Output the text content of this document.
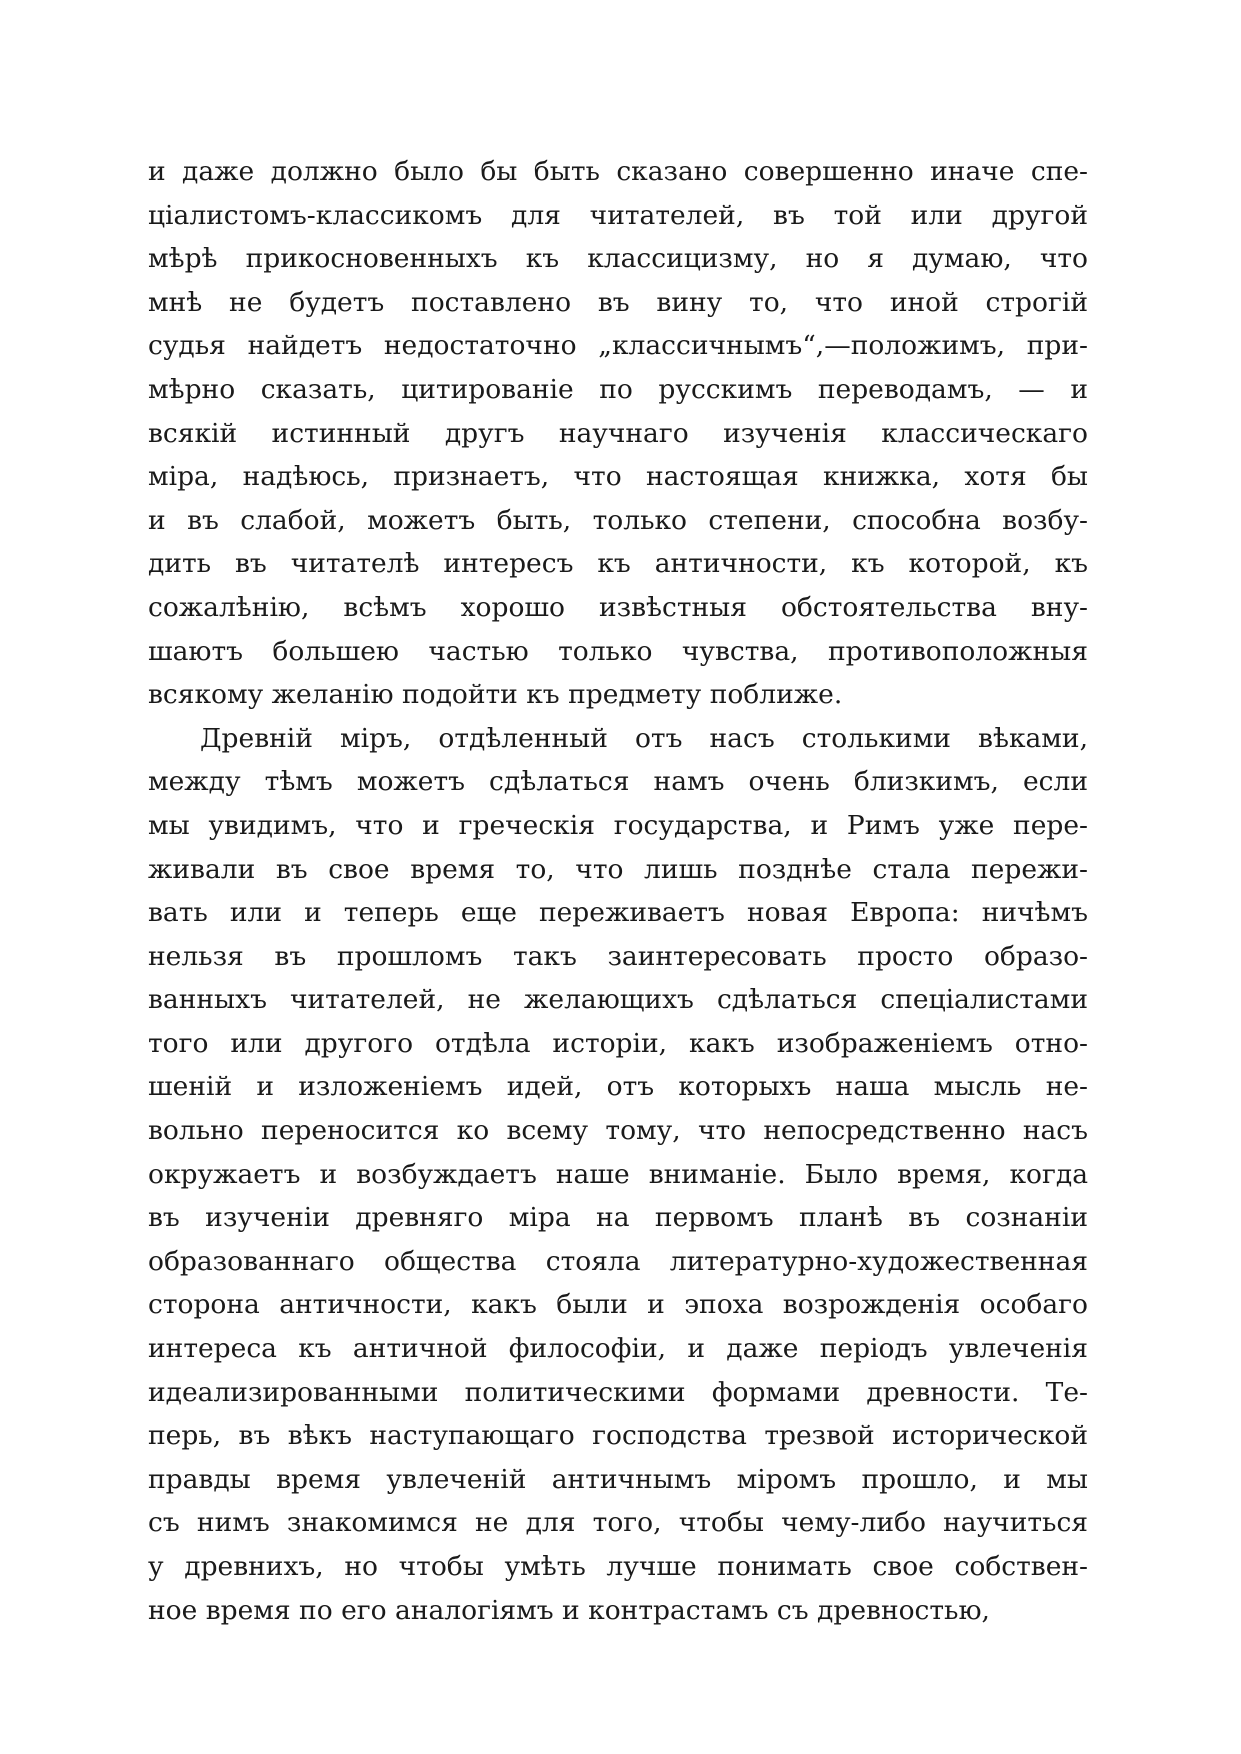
и даже должно было бы быть сказано совершенно иначе спе-
ціалистомъ-классикомъ для читателей, въ той или другой
мѣрѣ прикосновенныхъ къ классицизму, но я думаю, что
мнѣ не будетъ поставлено въ вину то, что иной строгій
судья найдетъ недостаточно „классичнымъ“,—положимъ, при-
мѣрно сказать, цитированіе по русскимъ переводамъ, — и
всякій истинный другъ научнаго изученія классическаго
міра, надѣюсь, признаетъ, что настоящая книжка, хотя бы
и въ слабой, можетъ быть, только степени, способна возбу-
дить въ читателѣ интересъ къ античности, къ которой, къ
сожалѣнію, всѣмъ хорошо извѣстныя обстоятельства вну-
шаютъ большею частью только чувства, противоположныя
всякому желанію подойти къ предмету поближе.
Древній міръ, отдѣленный отъ насъ столькими вѣками,
между тѣмъ можетъ сдѣлаться намъ очень близкимъ, если
мы увидимъ, что и греческія государства, и Римъ уже пере-
живали въ свое время то, что лишь позднѣе стала пережи-
вать или и теперь еще переживаетъ новая Европа: ничѣмъ
нельзя въ прошломъ такъ заинтересовать просто образо-
ванныхъ читателей, не желающихъ сдѣлаться спеціалистами
того или другого отдѣла исторіи, какъ изображеніемъ отно-
шеній и изложеніемъ идей, отъ которыхъ наша мысль не-
вольно переносится ко всему тому, что непосредственно насъ
окружаетъ и возбуждаетъ наше вниманіе. Было время, когда
въ изученіи древняго міра на первомъ планѣ въ сознаніи
образованнаго общества стояла литературно-художественная
сторона античности, какъ были и эпоха возрожденія особаго
интереса къ античной философіи, и даже періодъ увлеченія
идеализированными политическими формами древности. Те-
перь, въ вѣкъ наступающаго господства трезвой исторической
правды время увлеченій античнымъ міромъ прошло, и мы
съ нимъ знакомимся не для того, чтобы чему-либо научиться
у древнихъ, но чтобы умѣть лучше понимать свое собствен-
ное время по его аналогіямъ и контрастамъ съ древностью,
